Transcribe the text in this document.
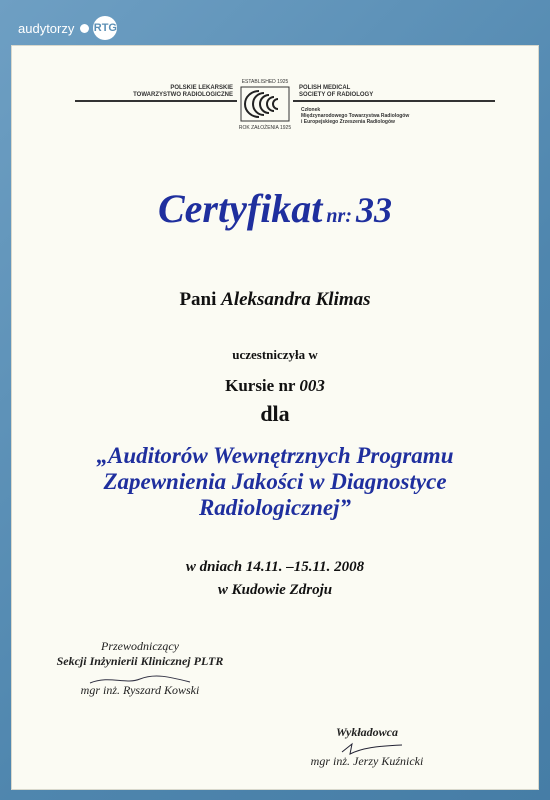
audytorzy RTG
POLSKIE LEKARSKIE
TOWARZYSTWO RADIOLOGICZNE
ESTABLISHED 1925
ROK ZAŁOŻENIA 1925
POLISH MEDICAL
SOCIETY OF RADIOLOGY
Członek
Międzynarodowego Towarzystwa Radiologów
i Europejskiego Zrzeszenia Radiologów
Certyfikat nr: 33
Pani Aleksandra Klimas
uczestniczyła w
Kursie nr 003
dla
„Auditorów Wewnętrznych Programu
Zapewnienia Jakości w Diagnostyce
Radiologicznej”
w dniach 14.11. –15.11. 2008
w Kudowie Zdroju
Przewodniczący
Sekcji Inżynierii Klinicznej PLTR
mgr inż. Ryszard Kowski
Wykładowca
mgr inż. Jerzy Kuźnicki
